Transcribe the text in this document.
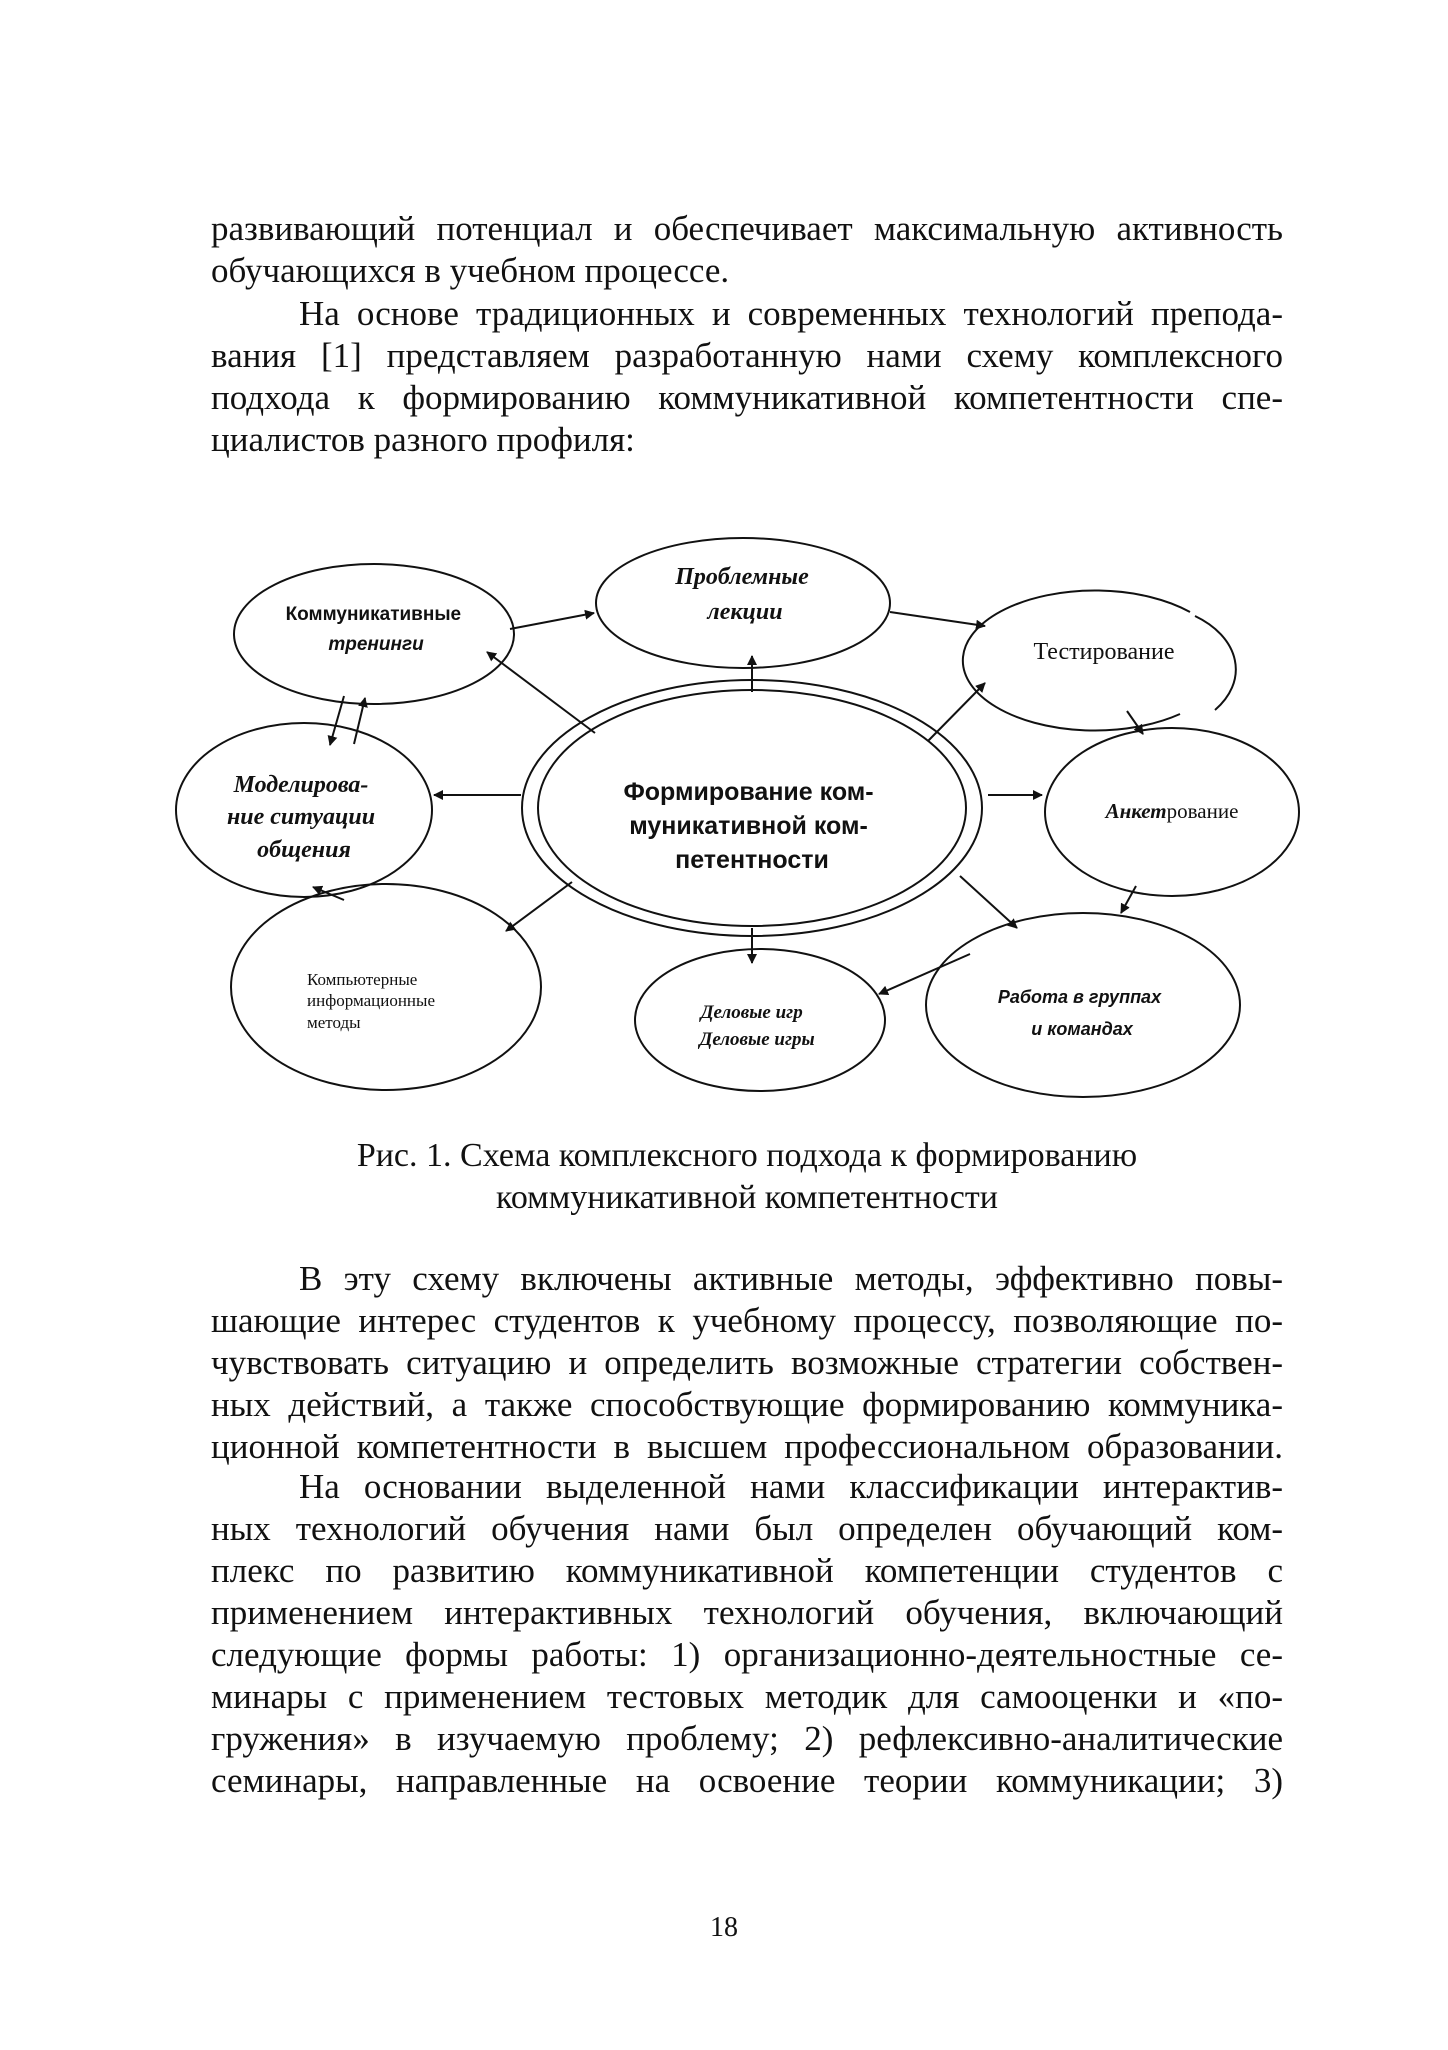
развивающий потенциал и обеспечивает максимальную активность
обучающихся в учебном процессе.
На основе традиционных и современных технологий препода-
вания [1] представляем разработанную нами схему комплексного
подхода к формированию коммуникативной компетентности спе-
циалистов разного профиля:
Коммуникативные тренинги
Проблемные лекции
Тестирование
Моделирова- ние ситуации общения
Формирование ком- муникативной ком- петентности
Анкетрование
Компьютерные информационные методы	Деловые игр Деловые игры
Работа в группах и командах
Рис. 1. Схема комплексного подхода к формированию
коммуникативной компетентности
В эту схему включены активные методы, эффективно повы-
шающие интерес студентов к учебному процессу, позволяющие по-
чувствовать ситуацию и определить возможные стратегии собствен-
ных действий, а также способствующие формированию коммуника-
ционной компетентности в высшем профессиональном образовании.
На основании выделенной нами классификации интерактив-
ных технологий обучения нами был определен обучающий ком-
плекс по развитию коммуникативной компетенции студентов с
применением интерактивных технологий обучения, включающий
следующие формы работы: 1) организационно-деятельностные се-
минары с применением тестовых методик для самооценки и «по-
гружения» в изучаемую проблему; 2) рефлексивно-аналитические
семинары, направленные на освоение теории коммуникации; 3)
18
